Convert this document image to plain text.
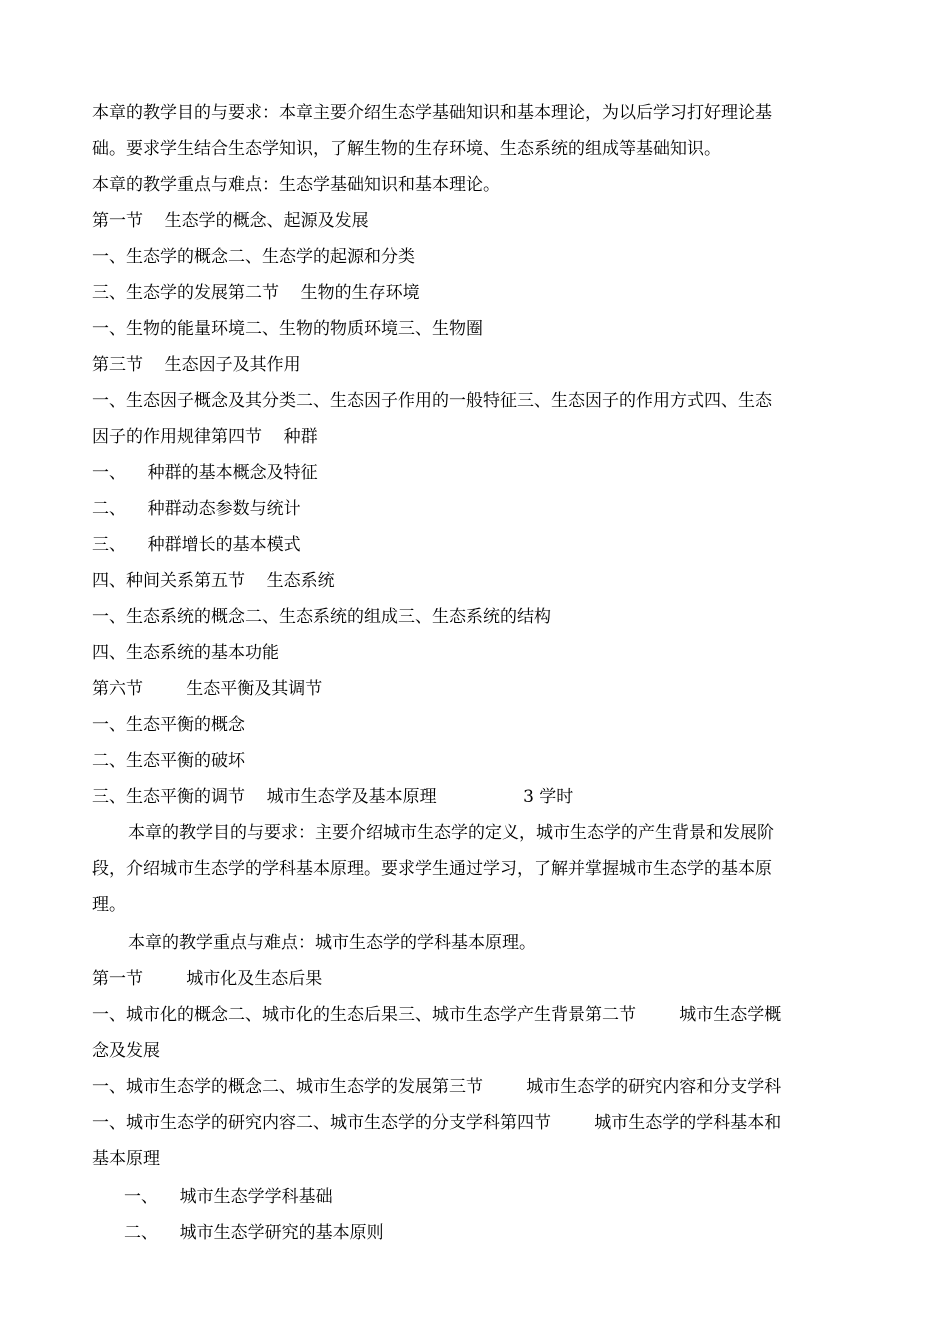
本章的教学目的与要求：本章主要介绍生态学基础知识和基本理论，为以后学习打好理论基
础。要求学生结合生态学知识，了解生物的生存环境、生态系统的组成等基础知识。
本章的教学重点与难点：生态学基础知识和基本理论。
第一节    生态学的概念、起源及发展
一、生态学的概念二、生态学的起源和分类
三、生态学的发展第二节    生物的生存环境
一、生物的能量环境二、生物的物质环境三、生物圈
第三节    生态因子及其作用
一、生态因子概念及其分类二、生态因子作用的一般特征三、生态因子的作用方式四、生态
因子的作用规律第四节    种群
一、    种群的基本概念及特征
二、    种群动态参数与统计
三、    种群增长的基本模式
四、种间关系第五节    生态系统
一、生态系统的概念二、生态系统的组成三、生态系统的结构
四、生态系统的基本功能
第六节        生态平衡及其调节
一、生态平衡的概念
二、生态平衡的破坏
三、生态平衡的调节    城市生态学及基本原理                3 学时
本章的教学目的与要求：主要介绍城市生态学的定义，城市生态学的产生背景和发展阶
段，介绍城市生态学的学科基本原理。要求学生通过学习，了解并掌握城市生态学的基本原
理。
本章的教学重点与难点：城市生态学的学科基本原理。
第一节        城市化及生态后果
一、城市化的概念二、城市化的生态后果三、城市生态学产生背景第二节        城市生态学概
念及发展
一、城市生态学的概念二、城市生态学的发展第三节        城市生态学的研究内容和分支学科
一、城市生态学的研究内容二、城市生态学的分支学科第四节        城市生态学的学科基本和
基本原理
一、    城市生态学学科基础
二、    城市生态学研究的基本原则
